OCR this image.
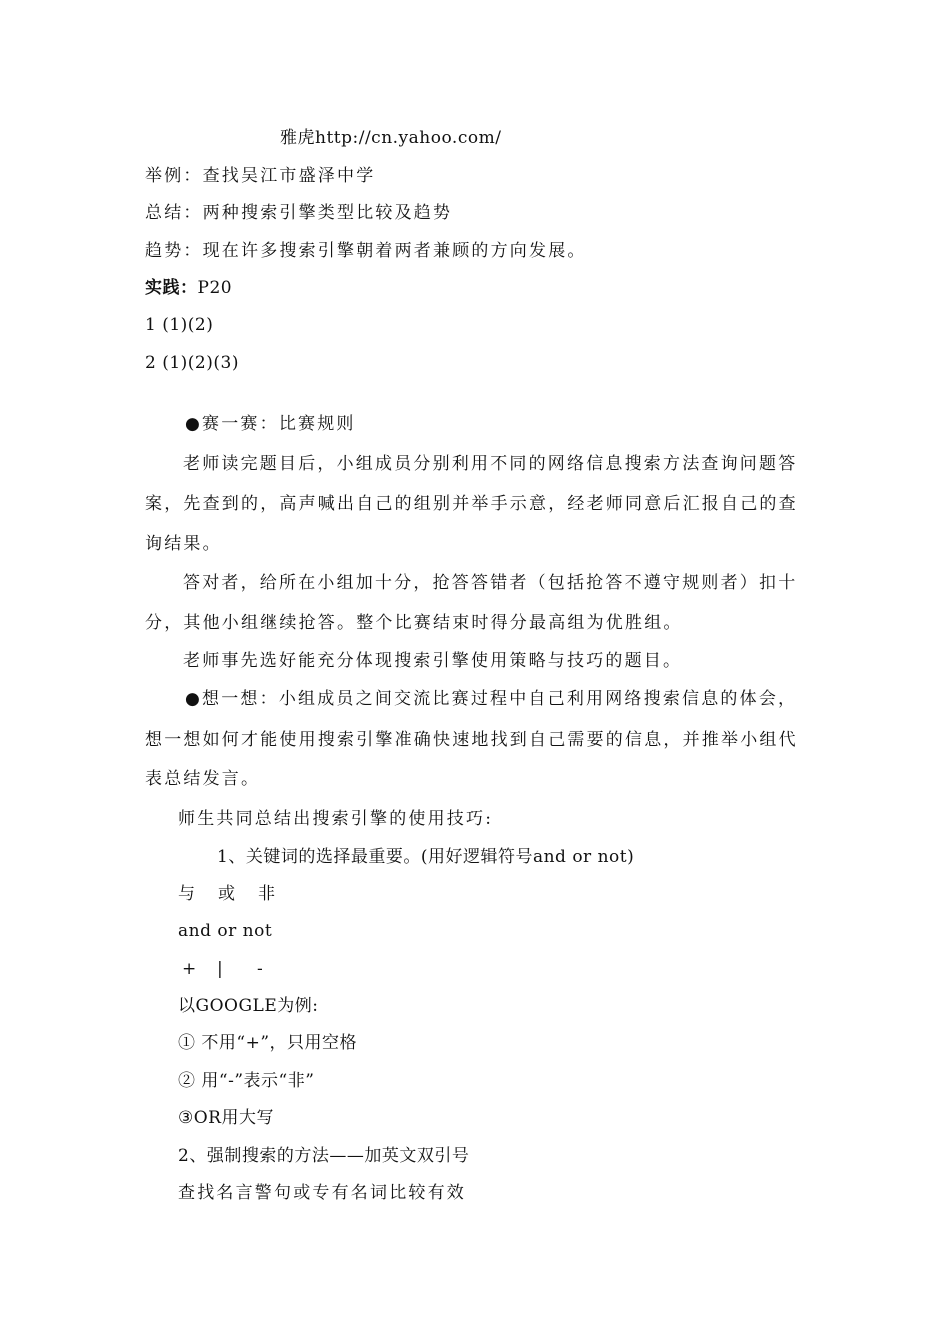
雅虎http://cn.yahoo.com/
举例：查找吴江市盛泽中学
总结：两种搜索引擎类型比较及趋势
趋势：现在许多搜索引擎朝着两者兼顾的方向发展。
实践：P20
1 (1)(2)
2 (1)(2)(3)
●赛一赛：比赛规则
老师读完题目后，小组成员分别利用不同的网络信息搜索方法查询问题答
案，先查到的，高声喊出自己的组别并举手示意，经老师同意后汇报自己的查
询结果。
答对者，给所在小组加十分，抢答答错者（包括抢答不遵守规则者）扣十
分，其他小组继续抢答。整个比赛结束时得分最高组为优胜组。
老师事先选好能充分体现搜索引擎使用策略与技巧的题目。
●想一想：小组成员之间交流比赛过程中自己利用网络搜索信息的体会，
想一想如何才能使用搜索引擎准确快速地找到自己需要的信息，并推举小组代
表总结发言。
师生共同总结出搜索引擎的使用技巧:
1、关键词的选择最重要。(用好逻辑符号and or not)
与 或 非
and or not
+ | -
以GOOGLE为例:
① 不用“+”，只用空格
② 用“-”表示“非”
③OR用大写
2、强制搜索的方法——加英文双引号
查找名言警句或专有名词比较有效
